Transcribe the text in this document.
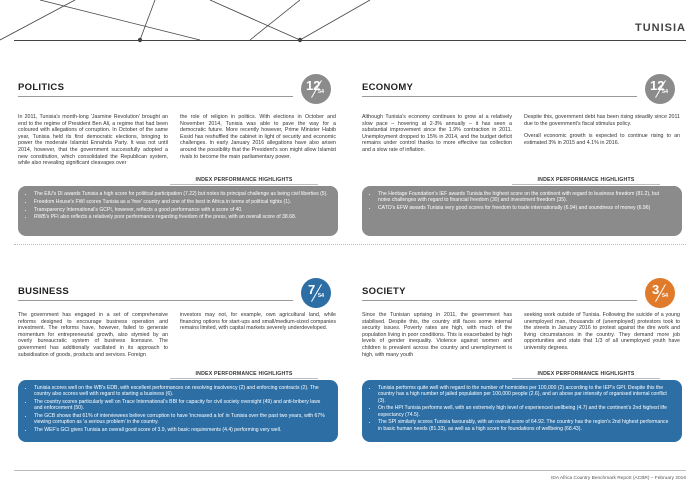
TUNISIA
POLITICS	12
54
In 2011, Tunisia's month-long 'Jasmine Revolution' brought an end to the regime of President Ben Ali, a regime that had been coloured with allegations of corruption. In October of the same year, Tunisia held its first democratic elections, bringing to power the moderate Islamist Ennahda Party. It was not until 2014, however, that the government successfully adopted a new constitution, which consolidated the Republican system, while also revealing significant cleavages over
the role of religion in politics. With elections in October and November 2014, Tunisia was able to pave the way for a democratic future. More recently however, Prime Minister Habib Essid has reshuffled the cabinet in light of security and economic challenges. In early January 2016 allegations have also arisen around the possibility that the President's son might allow Islamist rivals to become the main parliamentary power.
INDEX PERFORMANCE HIGHLIGHTS
• The EIU's DI awards Tunisia a high score for political participation (7.22) but notes its principal challenge as being civil liberties (5).
• Freedom House's FWI scores Tunisia as a 'free' country and one of the best in Africa in terms of political rights (1).
• Transparency International's GCPI, however, reflects a good performance with a score of 40.
• RWB's PFI also reflects a relatively poor performance regarding freedom of the press, with an overall score of 38.68.
ECONOMY	12
54
Although Tunisia's economy continues to grow at a relatively slow pace – hovering at 2-3% annually – it has seen a substantial improvement since the 1.9% contraction in 2011. Unemployment dropped to 15% in 2014, and the budget deficit remains under control thanks to more effective tax collection and a slow rate of inflation.

Despite this, government debt has been rising steadily since 2011 due to the government's fiscal stimulus policy.

Overall economic growth is expected to continue rising to an estimated 3% in 2015 and 4.1% in 2016.

INDEX PERFORMANCE HIGHLIGHTS
• The Heritage Foundation's IEF awards Tunisia the highest score on the continent with regard to business freedom (81.2), but notes challenges with regard to financial freedom (30) and investment freedom (35).
• CATO's EFW awards Tunisia very good scores for freedom to trade internationally (6.94) and soundness of money (6.96)
BUSINESS	7 54
The government has engaged in a set of comprehensive reforms designed to encourage business operation and investment. The reforms have, however, failed to generate momentum for entrepreneurial growth, also stymied by an overly bureaucratic system of business licensure. The government has additionally vacillated in its approach to subsidisation of goods, products and services. Foreign
investors may not, for example, own agricultural land, while financing options for start-ups and small/medium-sized companies remains limited, with capital markets severely underdeveloped.
INDEX PERFORMANCE HIGHLIGHTS
• Tunisia scores well on the WB's EDB, with excellent performances on resolving insolvency (2) and enforcing contracts (2). The country also scores well with regard to starting a business (6).
• The country scores particularly well on Trace International's BBI for capacity for civil society oversight (49) and anti-bribery laws and enforcement (50).
• The GCB shows that 61% of interviewees believe corruption to have 'increased a lot' in Tunisia over the past two years, with 67% viewing corruption as 'a serious problem' in the country.
• The WEF's GCI gives Tunisia an overall good score of 3.9, with basic requirements (4.4) performing very well.
SOCIETY	3 54
Since the Tunisian uprising in 2011, the government has stabilised. Despite this, the country still faces some internal security issues. Poverty rates are high, with much of the population living in poor conditions. This is exacerbated by high levels of gender inequality. Violence against women and children is prevalent across the country and unemployment is high, with many youth
seeking work outside of Tunisia. Following the suicide of a young unemployed man, thousands of (unemployed) protestors took to the streets in January 2016 to protest against the dire work and living circumstances in the country. They demand more job opportunities and state that 1/3 of all unemployed youth have university degrees.
INDEX PERFORMANCE HIGHLIGHTS
• Tunisia performs quite well with regard to the number of homicides per 100,000 (2) according to the IEP's GPI. Despite this the country has a high number of jailed population per 100,000 people (2.6), and an above par intensity of organised internal conflict (3).
• On the HPI Tunisia performs well, with an extremely high level of experienced wellbeing (4.7) and the continent's 2nd highest life expectancy (74.5).
• The SPI similarly scores Tunisia favourably, with an overall score of 64.92. The country has the region's 2nd highest performance in basic human needs (81.33), as well as a high score for foundations of wellbeing (68.43).
IDA Africa Country Benchmark Report (ACBR) – February 2016
